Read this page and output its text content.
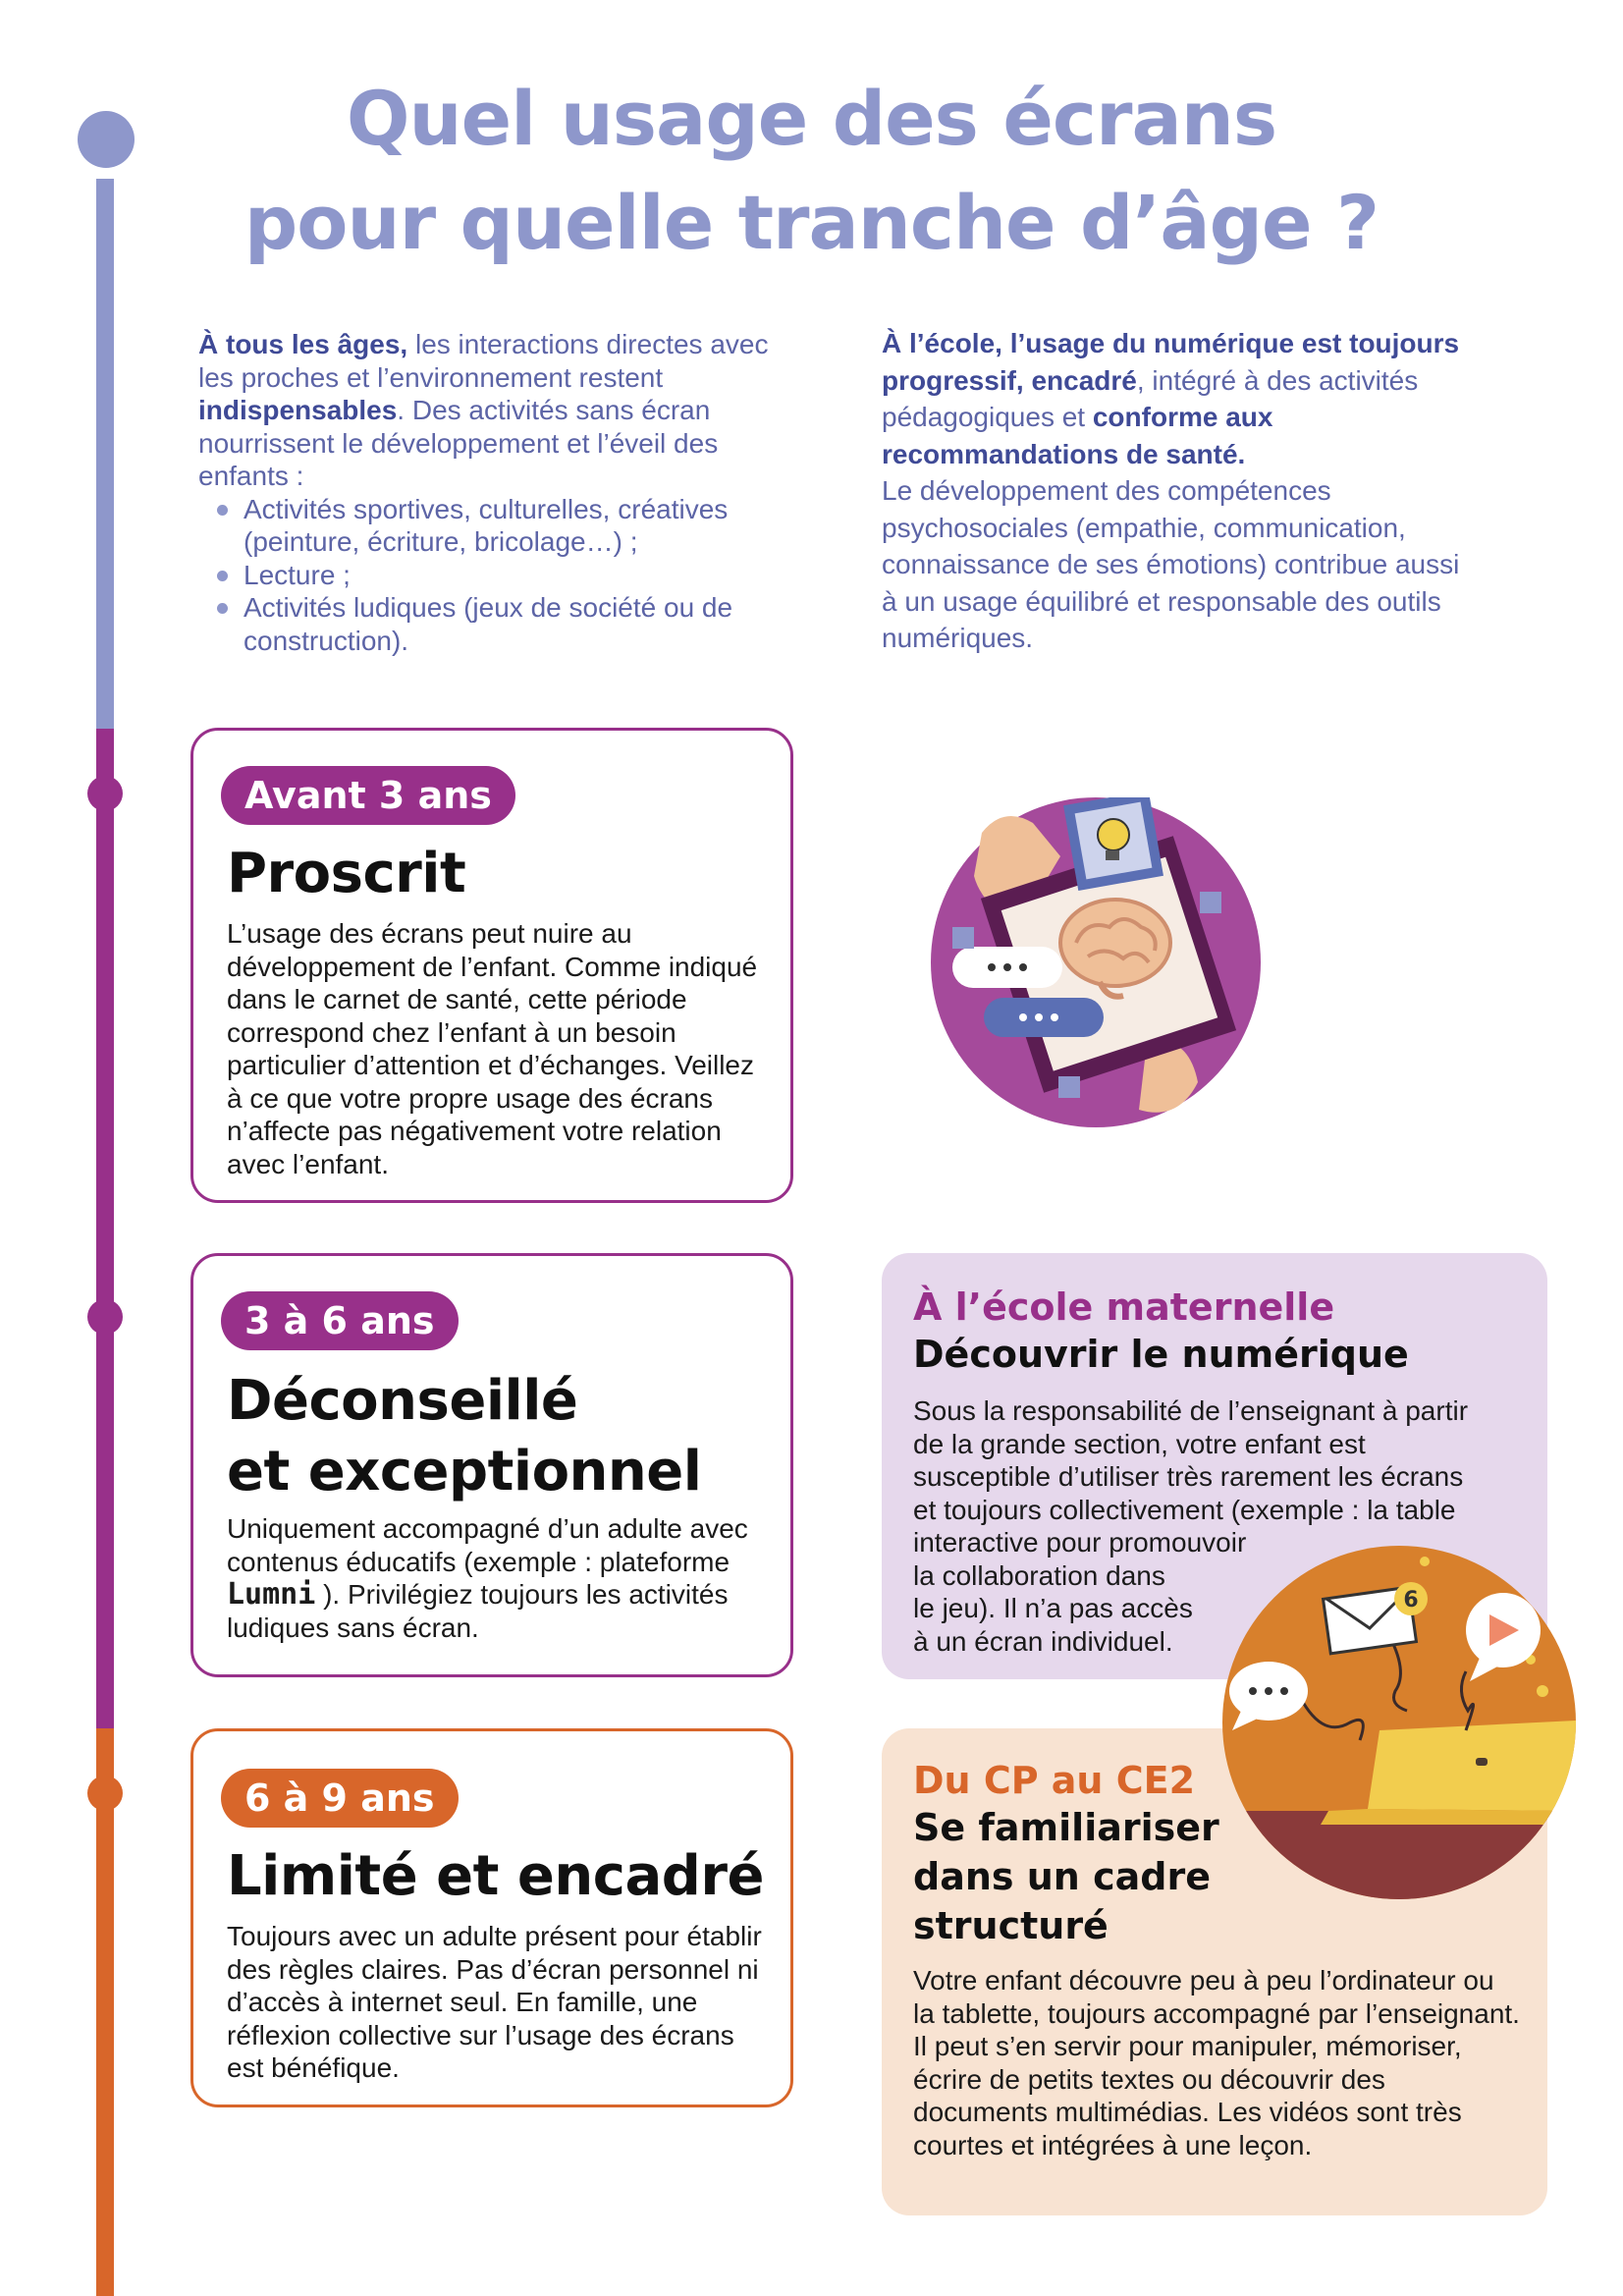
Quel usage des écrans
pour quelle tranche d’âge ?

À tous les âges, les interactions directes avec les proches et l’environnement restent indispensables. Des activités sans écran nourrissent le développement et l’éveil des enfants :

Activités sportives, culturelles, créatives (peinture, écriture, bricolage…) ;
Lecture ;
Activités ludiques (jeux de société ou de construction).

À l’école, l’usage du numérique est toujours progressif, encadré, intégré à des activités pédagogiques et conforme aux recommandations de santé.

Le développement des compétences psychosociales (empathie, communication, connaissance de ses émotions) contribue aussi à un usage équilibré et responsable des outils numériques.

Avant 3 ans
Proscrit

L’usage des écrans peut nuire au développement de l’enfant. Comme indiqué dans le carnet de santé, cette période correspond chez l’enfant à un besoin particulier d’attention et d’échanges. Veillez à ce que votre propre usage des écrans n’affecte pas négativement votre relation avec l’enfant.

3 à 6 ans
Déconseillé
et exceptionnel

Uniquement accompagné d’un adulte avec contenus éducatifs (exemple : plateforme Lumni ). Privilégiez toujours les activités ludiques sans écran.

6 à 9 ans
Limité et encadré

Toujours avec un adulte présent pour établir des règles claires. Pas d’écran personnel ni d’accès à internet seul. En famille, une réflexion collective sur l’usage des écrans est bénéfique.

À l’école maternelle
Découvrir le numérique
Sous la responsabilité de l’enseignant à partir
de la grande section, votre enfant est
susceptible d’utiliser très rarement les écrans
et toujours collectivement (exemple : la table
interactive pour promouvoir
la collaboration dans
le jeu). Il n’a pas accès
à un écran individuel.
Du CP au CE2
Se familiariser
dans un cadre
structuré

Votre enfant découvre peu à peu l’ordinateur ou la tablette, toujours accompagné par l’enseignant. Il peut s’en servir pour manipuler, mémoriser, écrire de petits textes ou découvrir des documents multimédias. Les vidéos sont très courtes et intégrées à une leçon.

6
